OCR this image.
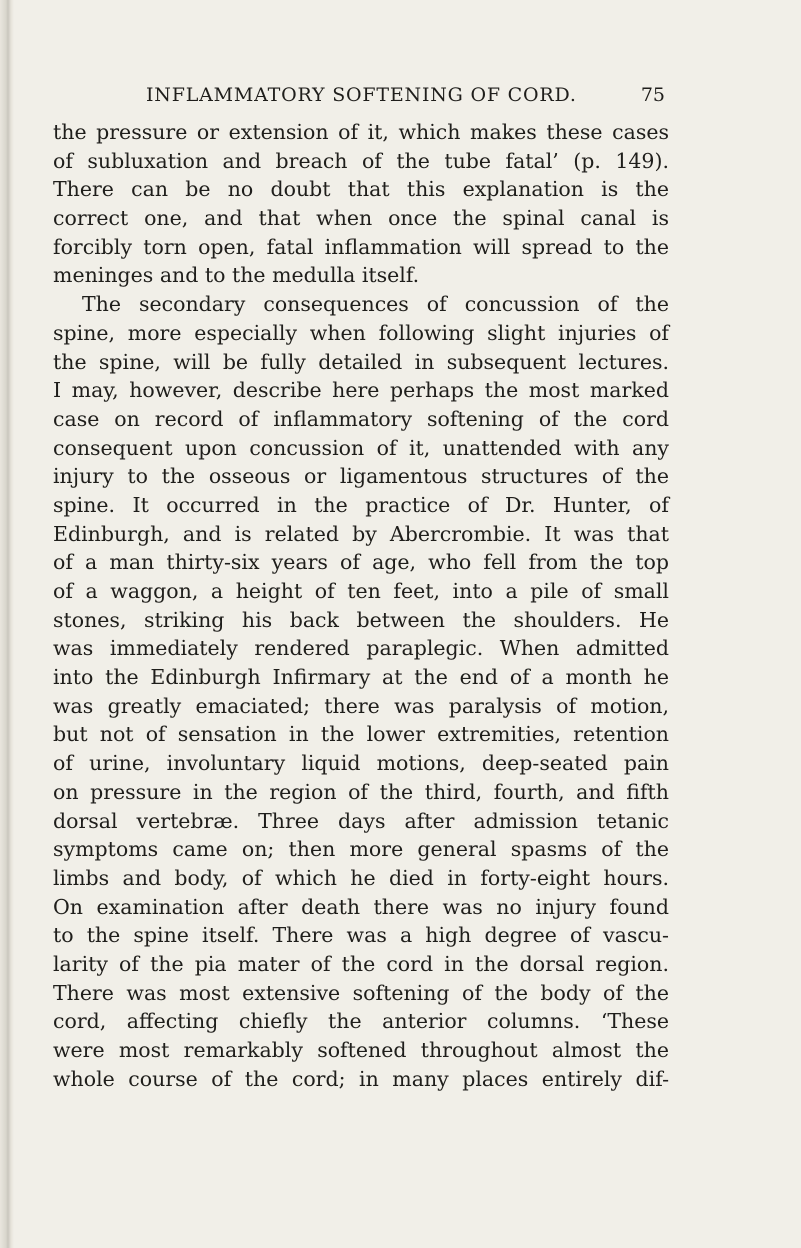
INFLAMMATORY SOFTENING OF CORD.	75
the pressure or extension of it, which makes these cases
of subluxation and breach of the tube fatal’ (p. 149).
There can be no doubt that this explanation is the
correct one, and that when once the spinal canal is
forcibly torn open, fatal inflammation will spread to the
meninges and to the medulla itself.
The secondary consequences of concussion of the
spine, more especially when following slight injuries of
the spine, will be fully detailed in subsequent lectures.
I may, however, describe here perhaps the most marked
case on record of inflammatory softening of the cord
consequent upon concussion of it, unattended with any
injury to the osseous or ligamentous structures of the
spine. It occurred in the practice of Dr. Hunter, of
Edinburgh, and is related by Abercrombie. It was that
of a man thirty-six years of age, who fell from the top
of a waggon, a height of ten feet, into a pile of small
stones, striking his back between the shoulders. He
was immediately rendered paraplegic. When admitted
into the Edinburgh Infirmary at the end of a month he
was greatly emaciated; there was paralysis of motion,
but not of sensation in the lower extremities, retention
of urine, involuntary liquid motions, deep-seated pain
on pressure in the region of the third, fourth, and fifth
dorsal vertebræ. Three days after admission tetanic
symptoms came on; then more general spasms of the
limbs and body, of which he died in forty-eight hours.
On examination after death there was no injury found
to the spine itself. There was a high degree of vascu-
larity of the pia mater of the cord in the dorsal region.
There was most extensive softening of the body of the
cord, affecting chiefly the anterior columns. ‘These
were most remarkably softened throughout almost the
whole course of the cord; in many places entirely dif-
